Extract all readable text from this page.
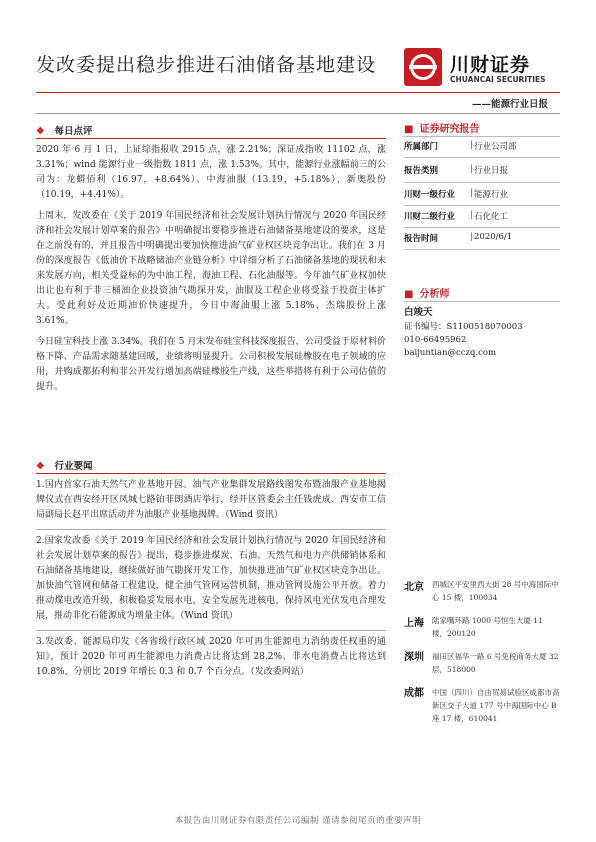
发改委提出稳步推进石油储备基地建设	川财证券
CHUANCAI SECURITIES
——能源行业日报
❖ 每日点评

2020 年 6 月 1 日，上证综指报收 2915 点，涨 2.21%；深证成指收 11102 点，涨 3.31%；wind 能源行业一级指数 1811 点，涨 1.53%。其中，能源行业涨幅前三的公司为：龙蟒佰利（16.97，+8.64%）、中海油服（13.19，+5.18%）、新奥股份（10.19，+4.41%）。

上周末，发改委在《关于 2019 年国民经济和社会发展计划执行情况与 2020 年国民经济和社会发展计划草案的报告》中明确提出要稳步推进石油储备基地建设的要求，这是在之前没有的，并且报告中明确提出要加快推进油气矿业权区块竞争出让。我们在 3 月份的深度报告《低油价下战略储油产业链分析》中详细分析了石油储备基地的现状和未来发展方向，相关受益标的为中油工程、海油工程、石化油服等。今年油气矿业权加快出让也有利于非三桶油企业投资油气勘探开发，油服及工程企业将受益于投资主体扩大。受此利好及近期油价快速提升，今日中海油服上涨 5.18%、杰瑞股份上涨 3.61%。

今日硅宝科技上涨 3.34%。我们在 5 月末发布硅宝科技深度报告，公司受益于原材料价格下降、产品需求随基建回暖，业绩将明显提升。公司积极发展硅橡胶在电子领域的应用，并购成都拓利和非公开发行增加高端硅橡胶生产线，这些举措将有利于公司估值的提升。

❖ 行业要闻
1.国内首家石油天然气产业基地开园。油气产业集群发展路线图发布暨油服产业基地揭牌仪式在西安经开区凤城七路铂菲朗酒店举行，经开区管委会主任钱虎成、西安市工信局副局长赵平出席活动并为油服产业基地揭牌。（Wind 资讯）
2.国家发改委《关于 2019 年国民经济和社会发展计划执行情况与 2020 年国民经济和社会发展计划草案的报告》提出，稳步推进煤炭、石油、天然气和电力产供储销体系和石油储备基地建设，继续做好油气勘探开发工作，加快推进油气矿业权区块竞争出让。加快油气管网和储备工程建设，健全油气管网运营机制，推动管网设施公平开放。着力推动煤电改造升级，积极稳妥发展水电，安全发展先进核电，保持风电光伏发电合理发展，推动非化石能源成为增量主体。（Wind 资讯）
3.发改委、能源局印发《各省级行政区域 2020 年可再生能源电力消纳责任权重的通知》，预计 2020 年可再生能源电力消费占比将达到 28.2%、非水电消费占比将达到 10.8%，分别比 2019 年增长 0.3 和 0.7 个百分点。（发改委网站）
■ 证券研究报告
所属部门	| 行业公司部
报告类别	| 行业日报
川财一级行业 | 能源行业
川财二级行业 | 石化化工
报告时间	| 2020/6/1
■ 分析师
白竣天
证书编号：S1100518070003
010-66495962
baijuntian@cczq.com
北京 西城区平安里西大街 28 号中海国际中心 15 楼，100034
上海 陆家嘴环路 1000 号恒生大厦 11 楼，200120
深圳 福田区福华一路 6 号免税商务大厦 32 层，518000
成都 中国（四川）自由贸易试验区成都市高新区交子大道 177 号中海国际中心 B 座 17 楼，610041
本报告由川财证券有限责任公司编制 谨请参阅尾页的重要声明
